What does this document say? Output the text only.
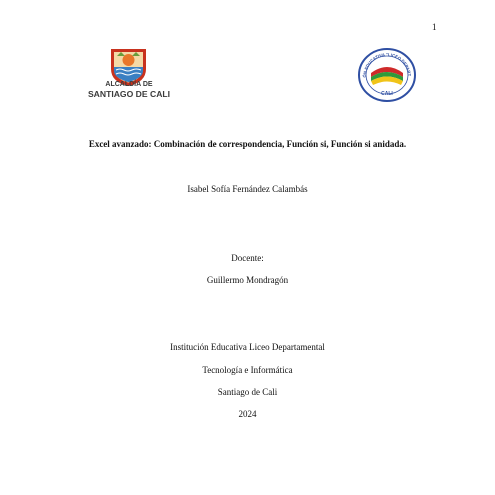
1
ALCALDÍA DE
SANTIAGO DE CALI
ÓN EDUCATIVA "LICEO DEPART
CALI
Excel avanzado: Combinación de correspondencia, Función si, Función si anidada.
Isabel Sofía Fernández Calambás
Docente:
Guillermo Mondragón
Institución Educativa Liceo Departamental
Tecnología e Informática
Santiago de Cali
2024
